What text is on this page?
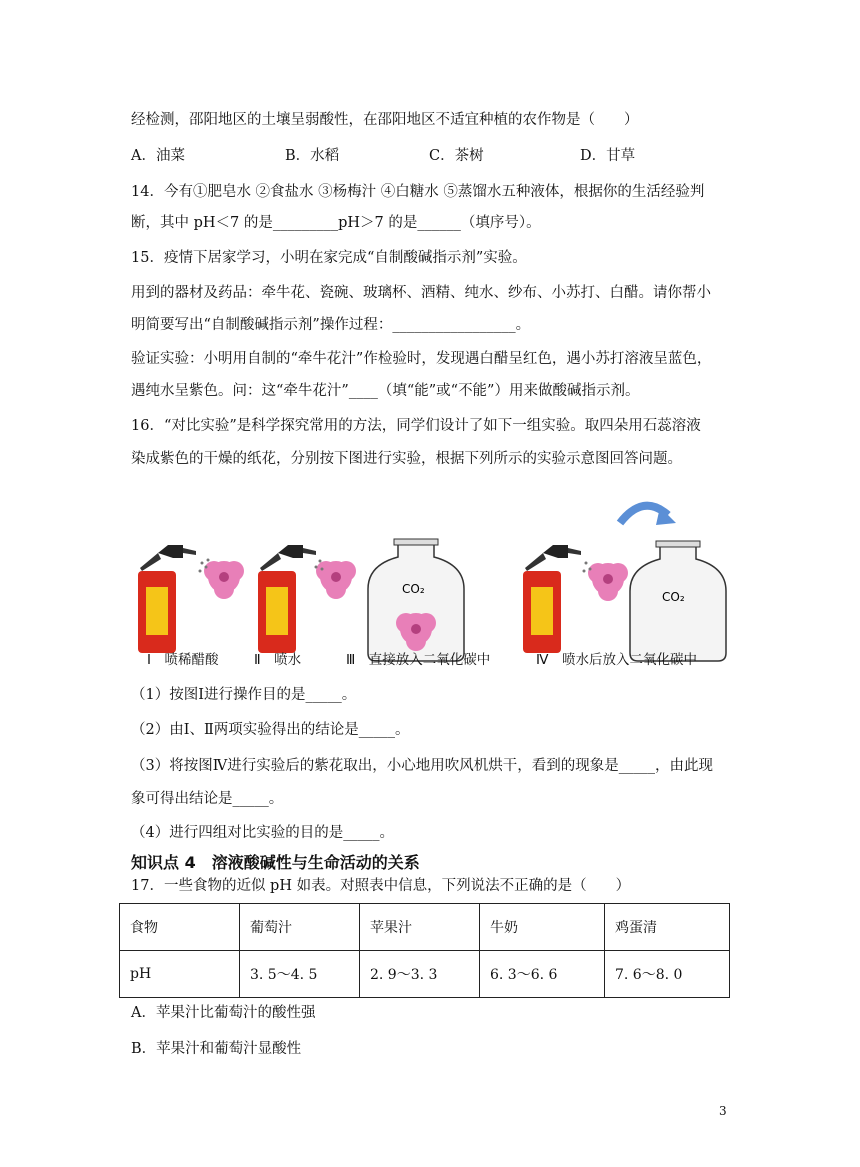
经检测，邵阳地区的土壤呈弱酸性，在邵阳地区不适宜种植的农作物是（　　）
A．油菜	B．水稻	C．茶树	D．甘草
14．今有①肥皂水 ②食盐水 ③杨梅汁 ④白糖水 ⑤蒸馏水五种液体，根据你的生活经验判
断，其中 pH＜7 的是_________pH＞7 的是______（填序号）。
15．疫情下居家学习，小明在家完成“自制酸碱指示剂”实验。
用到的器材及药品：牵牛花、瓷碗、玻璃杯、酒精、纯水、纱布、小苏打、白醋。请你帮小
明简要写出“自制酸碱指示剂”操作过程：_________________。
验证实验：小明用自制的“牵牛花汁”作检验时，发现遇白醋呈红色，遇小苏打溶液呈蓝色，
遇纯水呈紫色。问：这“牵牛花汁”____（填“能”或“不能”）用来做酸碱指示剂。
16．“对比实验”是科学探究常用的方法，同学们设计了如下一组实验。取四朵用石蕊溶液
染成紫色的干燥的纸花，分别按下图进行实验，根据下列所示的实验示意图回答问题。
CO₂
CO₂
Ⅰ　喷稀醋酸	Ⅱ　喷水	Ⅲ　直接放入二氧化碳中	Ⅳ　喷水后放入二氧化碳中
（1）按图Ⅰ进行操作目的是_____。
（2）由Ⅰ、Ⅱ两项实验得出的结论是_____。
（3）将按图Ⅳ进行实验后的紫花取出，小心地用吹风机烘干，看到的现象是_____，由此现
象可得出结论是_____。
（4）进行四组对比实验的目的是_____。
知识点 4　溶液酸碱性与生命活动的关系
17．一些食物的近似 pH 如表。对照表中信息，下列说法不正确的是（　　）
食物	葡萄汁	苹果汁	牛奶	鸡蛋清
pH	3. 5～4. 5	2. 9～3. 3	6. 3～6. 6	7. 6～8. 0
A．苹果汁比葡萄汁的酸性强
B．苹果汁和葡萄汁显酸性
3
